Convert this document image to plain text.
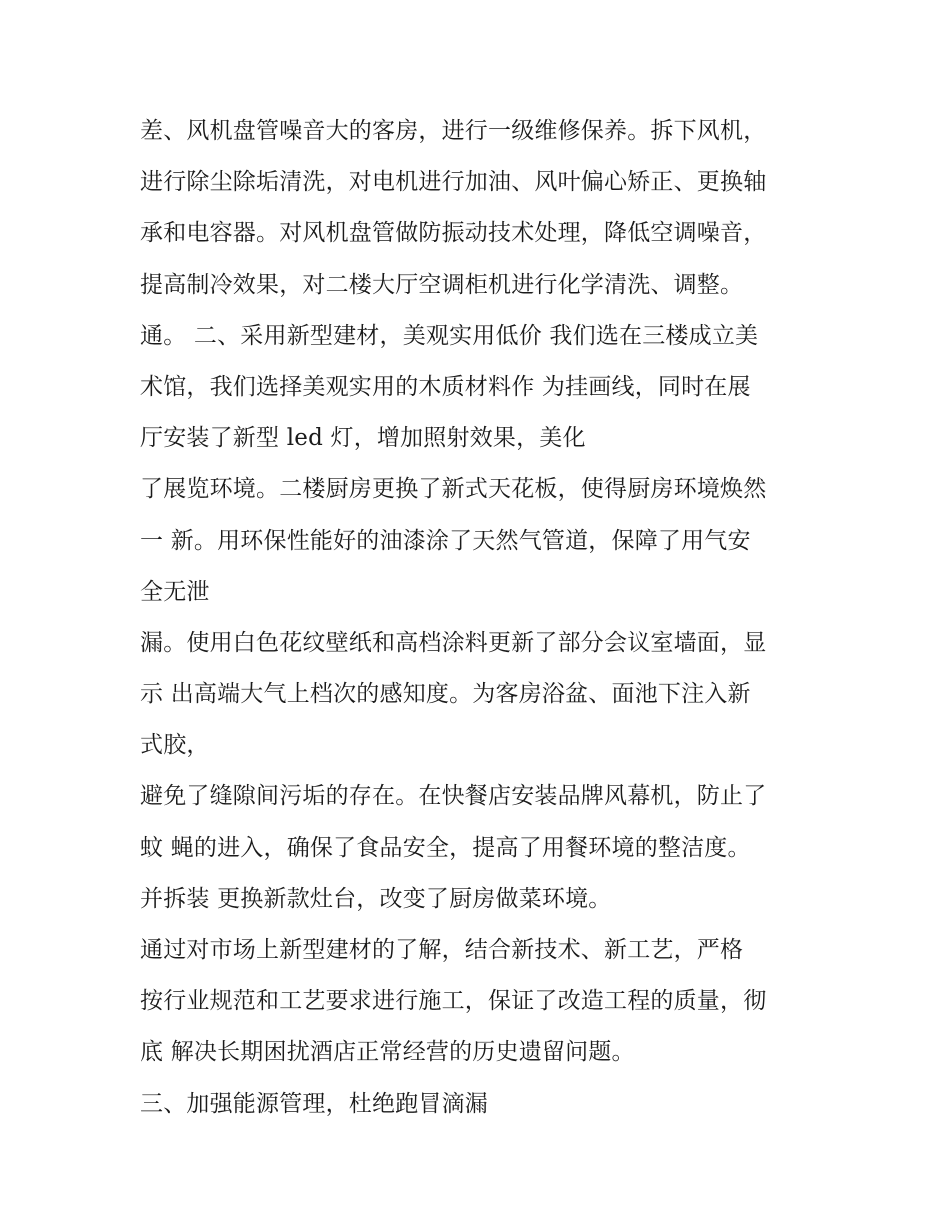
差、风机盘管噪音大的客房，进行一级维修保养。拆下风机，
进行除尘除垢清洗，对电机进行加油、风叶偏心矫正、更换轴
承和电容器。对风机盘管做防振动技术处理，降低空调噪音，
提高制冷效果，对二楼大厅空调柜机进行化学清洗、调整。
通。 二、采用新型建材，美观实用低价 我们选在三楼成立美
术馆，我们选择美观实用的木质材料作 为挂画线，同时在展
厅安装了新型 led 灯，增加照射效果，美化
了展览环境。二楼厨房更换了新式天花板，使得厨房环境焕然
一 新。用环保性能好的油漆涂了天然气管道，保障了用气安
全无泄
漏。使用白色花纹壁纸和高档涂料更新了部分会议室墙面，显
示 出高端大气上档次的感知度。为客房浴盆、面池下注入新
式胶，
避免了缝隙间污垢的存在。在快餐店安装品牌风幕机，防止了
蚊 蝇的进入，确保了食品安全，提高了用餐环境的整洁度。
并拆装 更换新款灶台，改变了厨房做菜环境。
通过对市场上新型建材的了解，结合新技术、新工艺，严格
按行业规范和工艺要求进行施工，保证了改造工程的质量，彻
底 解决长期困扰酒店正常经营的历史遗留问题。
三、加强能源管理，杜绝跑冒滴漏
